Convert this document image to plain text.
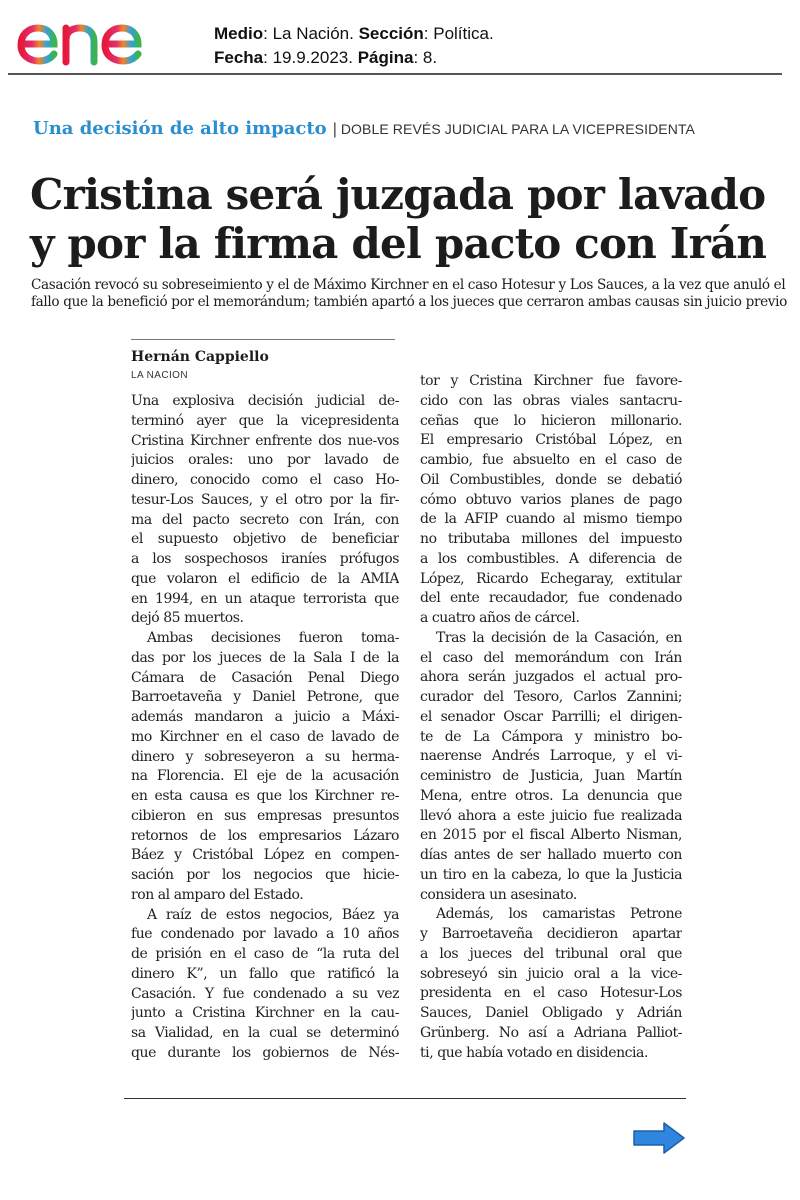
Medio: La Nación. Sección: Política.
Fecha: 19.9.2023. Página: 8.
Una decisión de alto impacto | DOBLE REVÉS JUDICIAL PARA LA VICEPRESIDENTA
Cristina será juzgada por lavado
y por la firma del pacto con Irán

Casación revocó su sobreseimiento y el de Máximo Kirchner en el caso Hotesur y Los Sauces, a la vez que anuló el
fallo que la benefició por el memorándum; también apartó a los jueces que cerraron ambas causas sin juicio previo

Hernán Cappiello
LA NACION
Una explosiva decisión judicial de-
terminó ayer que la vicepresidenta
Cristina Kirchner enfrente dos nue-vos
juicios orales: uno por lavado de
dinero, conocido como el caso Ho-
tesur-Los Sauces, y el otro por la fir-
ma del pacto secreto con Irán, con
el supuesto objetivo de beneficiar
a los sospechosos iraníes prófugos
que volaron el edificio de la AMIA
en 1994, en un ataque terrorista que
dejó 85 muertos.
Ambas decisiones fueron toma-
das por los jueces de la Sala I de la
Cámara de Casación Penal Diego
Barroetaveña y Daniel Petrone, que
además mandaron a juicio a Máxi-
mo Kirchner en el caso de lavado de
dinero y sobreseyeron a su herma-
na Florencia. El eje de la acusación
en esta causa es que los Kirchner re-
cibieron en sus empresas presuntos
retornos de los empresarios Lázaro
Báez y Cristóbal López en compen-
sación por los negocios que hicie-
ron al amparo del Estado.
A raíz de estos negocios, Báez ya
fue condenado por lavado a 10 años
de prisión en el caso de “la ruta del
dinero K”, un fallo que ratificó la
Casación. Y fue condenado a su vez
junto a Cristina Kirchner en la cau-
sa Vialidad, en la cual se determinó
que durante los gobiernos de Nés-
tor y Cristina Kirchner fue favore-
cido con las obras viales santacru-
ceñas que lo hicieron millonario.
El empresario Cristóbal López, en
cambio, fue absuelto en el caso de
Oil Combustibles, donde se debatió
cómo obtuvo varios planes de pago
de la AFIP cuando al mismo tiempo
no tributaba millones del impuesto
a los combustibles. A diferencia de
López, Ricardo Echegaray, extitular
del ente recaudador, fue condenado
a cuatro años de cárcel.
Tras la decisión de la Casación, en
el caso del memorándum con Irán
ahora serán juzgados el actual pro-
curador del Tesoro, Carlos Zannini;
el senador Oscar Parrilli; el dirigen-
te de La Cámpora y ministro bo-
naerense Andrés Larroque, y el vi-
ceministro de Justicia, Juan Martín
Mena, entre otros. La denuncia que
llevó ahora a este juicio fue realizada
en 2015 por el fiscal Alberto Nisman,
días antes de ser hallado muerto con
un tiro en la cabeza, lo que la Justicia
considera un asesinato.
Además, los camaristas Petrone
y Barroetaveña decidieron apartar
a los jueces del tribunal oral que
sobreseyó sin juicio oral a la vice-
presidenta en el caso Hotesur-Los
Sauces, Daniel Obligado y Adrián
Grünberg. No así a Adriana Palliot-
ti, que había votado en disidencia.
